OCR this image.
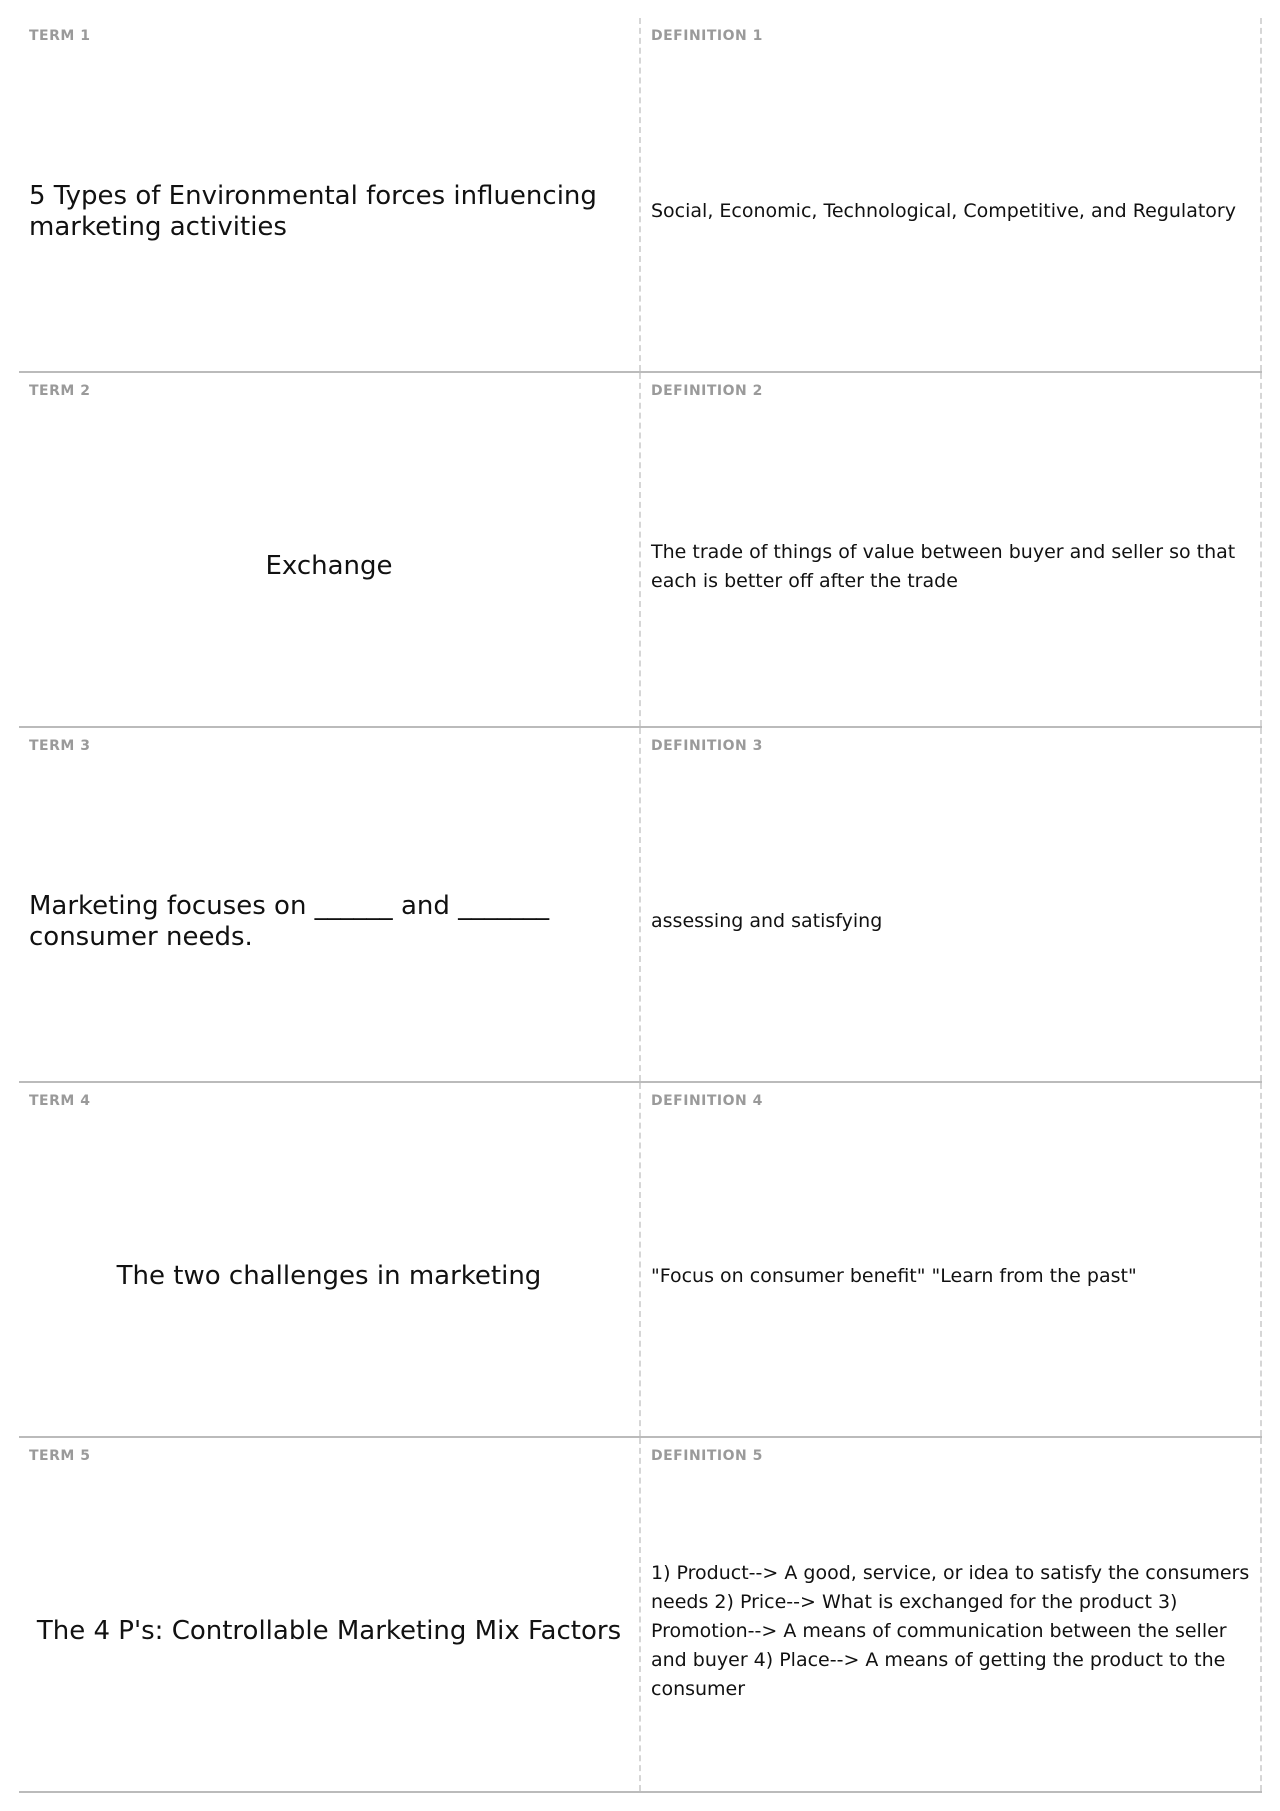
TERM 1
5 Types of Environmental forces influencing marketing activities
DEFINITION 1
Social, Economic, Technological, Competitive, and Regulatory
TERM 2
Exchange
DEFINITION 2
The trade of things of value between buyer and seller so that each is better off after the trade
TERM 3
Marketing focuses on ______ and _______ consumer needs.
DEFINITION 3
assessing and satisfying
TERM 4
The two challenges in marketing
DEFINITION 4
"Focus on consumer benefit" "Learn from the past"
TERM 5
The 4 P's: Controllable Marketing Mix Factors
DEFINITION 5
1) Product--> A good, service, or idea to satisfy the consumers needs 2) Price--> What is exchanged for the product 3) Promotion--> A means of communication between the seller and buyer 4) Place--> A means of getting the product to the consumer
